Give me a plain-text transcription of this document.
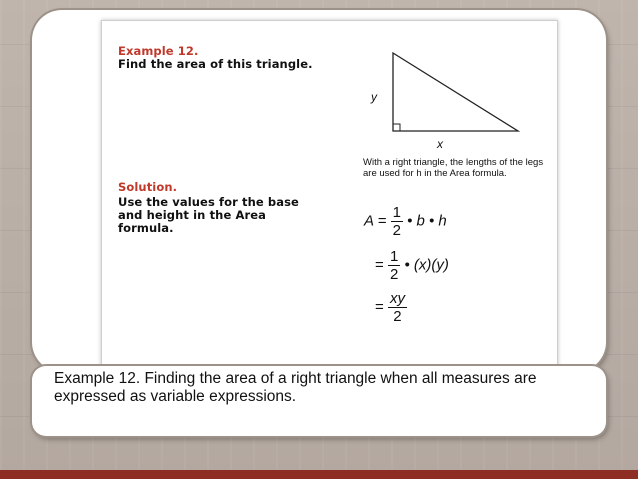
Example 12.
Find the area of this triangle.
y
x
With a right triangle, the lengths of the legs are used for h in the Area formula.
Solution.
Use the values for the base and height in the Area formula.	$A = \frac{1}{2}$ • b • h
= $\frac{1}{2}$ • (x)(y)
= $\frac{xy}{2}$
Example 12. Finding the area of a right triangle when all measures are expressed as variable expressions.
